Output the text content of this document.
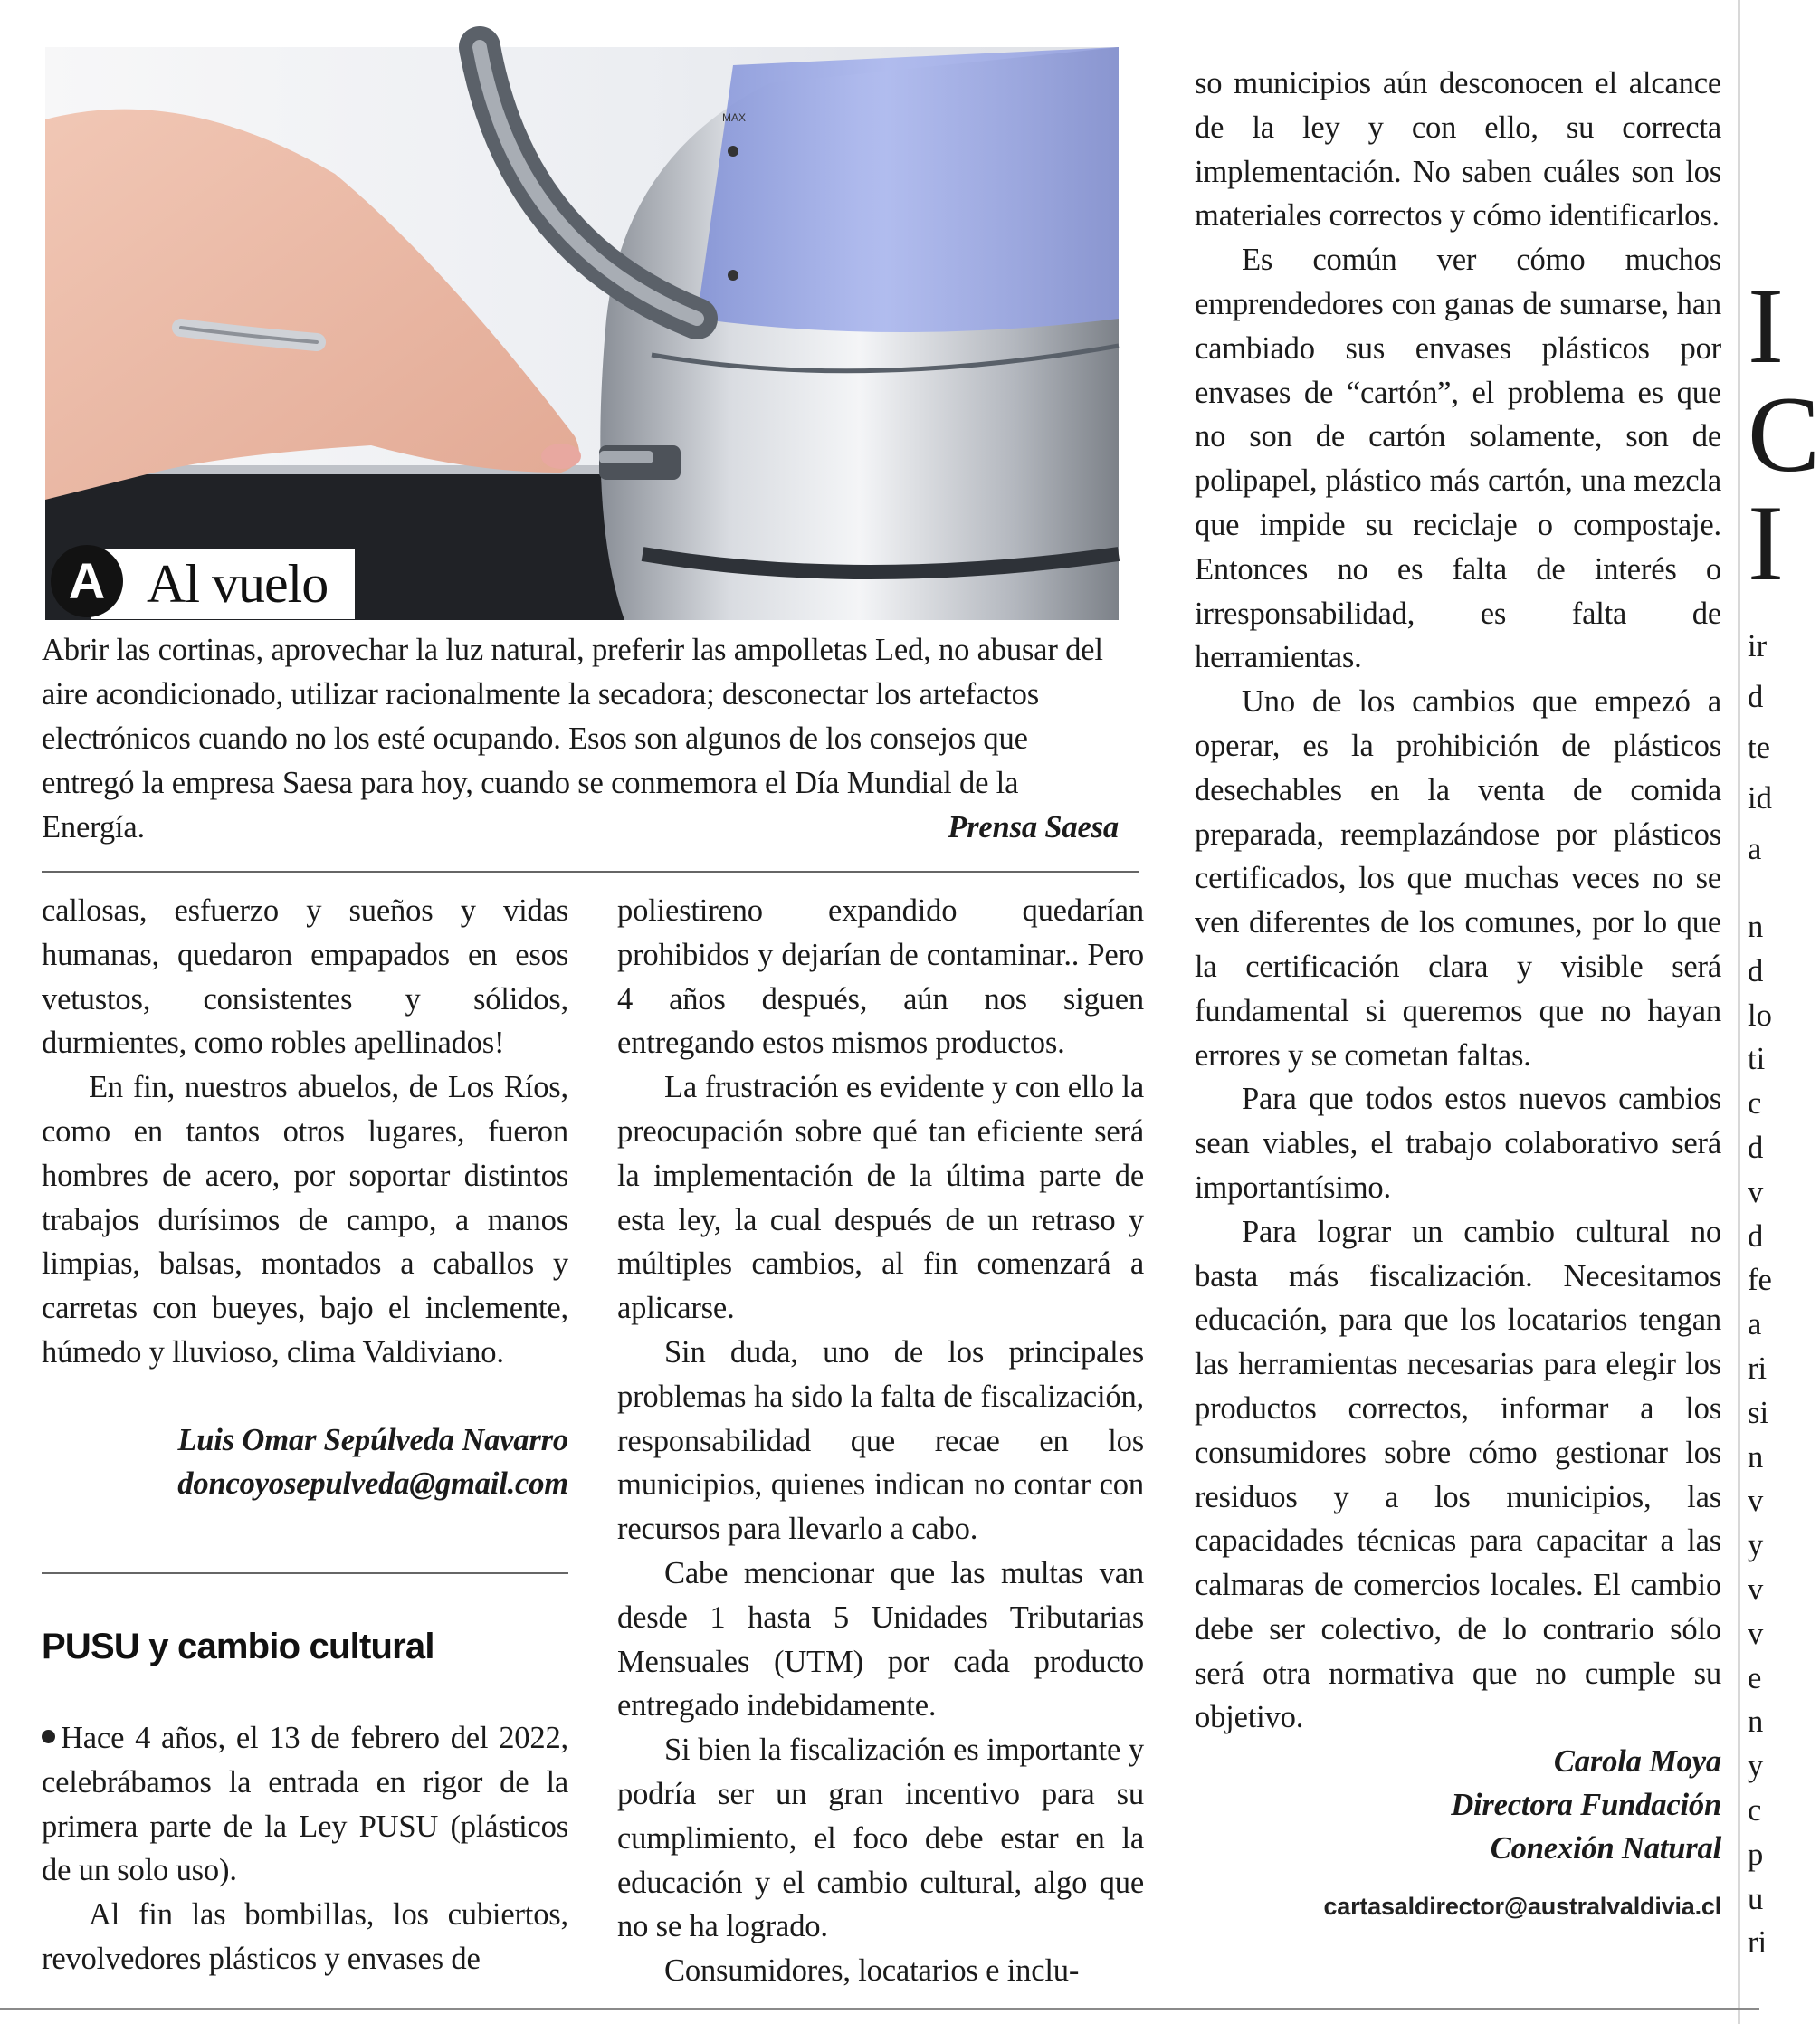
MAX
Al vuelo
A
Abrir las cortinas, aprovechar la luz natural, preferir las ampolletas Led, no abusar del aire acondicionado, utilizar racionalmente la secadora; desconectar los artefactos electrónicos cuando no los esté ocupando. Esos son algunos de los consejos que entregó la empresa Saesa para hoy, cuando se conmemora el Día Mundial de la Energía.	Prensa Saesa

callosas, esfuerzo y sueños y vidas humanas, quedaron empapados en esos vetustos, consistentes y sólidos, durmientes, como robles apellinados!

En fin, nuestros abuelos, de Los Ríos, como en tantos otros lugares, fueron hombres de acero, por soportar distintos trabajos durísimos de campo, a manos limpias, balsas, montados a caballos y carretas con bueyes, bajo el inclemente, húmedo y lluvioso, clima Valdiviano.

Luis Omar Sepúlveda Navarro
doncoyosepulveda@gmail.com
PUSU y cambio cultural

Hace 4 años, el 13 de febrero del 2022, celebrábamos la entrada en rigor de la primera parte de la Ley PUSU (plásticos de un solo uso).

Al fin las bombillas, los cubiertos, revolvedores plásticos y envases de

poliestireno expandido quedarían prohibidos y dejarían de contaminar.. Pero 4 años después, aún nos siguen entregando estos mismos productos.

La frustración es evidente y con ello la preocupación sobre qué tan eficiente será la implementación de la última parte de esta ley, la cual después de un retraso y múltiples cambios, al fin comenzará a aplicarse.

Sin duda, uno de los principales problemas ha sido la falta de fiscalización, responsabilidad que recae en los municipios, quienes indican no contar con recursos para llevarlo a cabo.

Cabe mencionar que las multas van desde 1 hasta 5 Unidades Tributarias Mensuales (UTM) por cada producto entregado indebidamente.

Si bien la fiscalización es importante y podría ser un gran incentivo para su cumplimiento, el foco debe estar en la educación y el cambio cultural, algo que no se ha logrado.

Consumidores, locatarios e inclu-

so municipios aún desconocen el alcance de la ley y con ello, su correcta implementación. No saben cuáles son los materiales correctos y cómo identificarlos.

Es común ver cómo muchos emprendedores con ganas de sumarse, han cambiado sus envases plásticos por envases de “cartón”, el problema es que no son de cartón solamente, son de polipapel, plástico más cartón, una mezcla que impide su reciclaje o compostaje. Entonces no es falta de interés o irresponsabilidad, es falta de herramientas.

Uno de los cambios que empezó a operar, es la prohibición de plásticos desechables en la venta de comida preparada, reemplazándose por plásticos certificados, los que muchas veces no se ven diferentes de los comunes, por lo que la certificación clara y visible será fundamental si queremos que no hayan errores y se cometan faltas.

Para que todos estos nuevos cambios sean viables, el trabajo colaborativo será importantísimo.

Para lograr un cambio cultural no basta más fiscalización. Necesitamos educación, para que los locatarios tengan las herramientas necesarias para elegir los productos correctos, informar a los consumidores sobre cómo gestionar los residuos y a los municipios, las capacidades técnicas para capacitar a las calmaras de comercios locales. El cambio debe ser colectivo, de lo contrario sólo será otra normativa que no cumple su objetivo.

Carola Moya
Directora Fundación
Conexión Natural
cartasaldirector@australvaldivia.cl
I
C
I
ir
d
te
id
a
n
d
lo
ti
c
d
v
d
fe
a
ri
si
n
v
y
v
v
e
n
y
c
p
u
ri
